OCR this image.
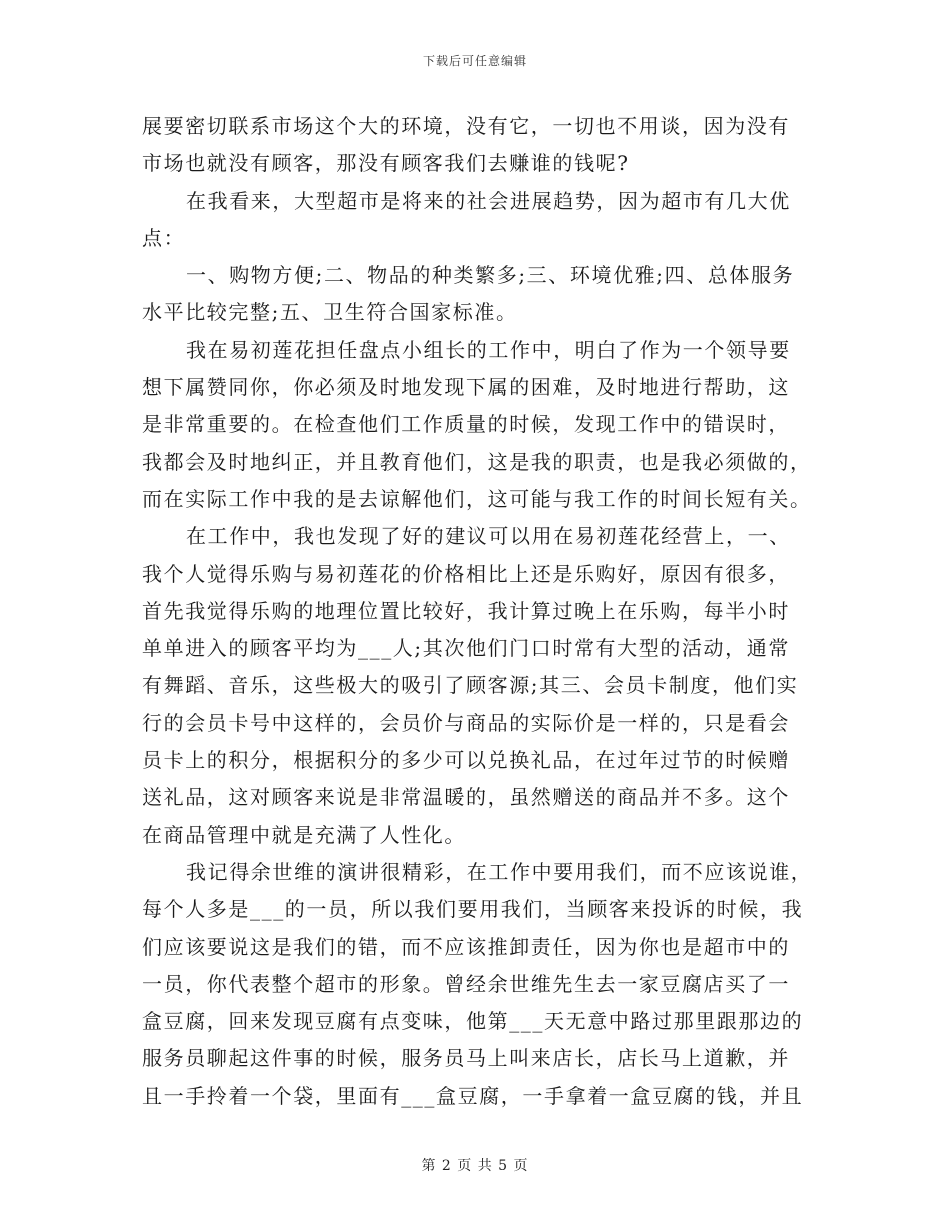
下载后可任意编辑
展要密切联系市场这个大的环境，没有它，一切也不用谈，因为没有
市场也就没有顾客，那没有顾客我们去赚谁的钱呢?
在我看来，大型超市是将来的社会进展趋势，因为超市有几大优
点：
一、购物方便;二、物品的种类繁多;三、环境优雅;四、总体服务
水平比较完整;五、卫生符合国家标准。
我在易初莲花担任盘点小组长的工作中，明白了作为一个领导要
想下属赞同你，你必须及时地发现下属的困难，及时地进行帮助，这
是非常重要的。在检查他们工作质量的时候，发现工作中的错误时，
我都会及时地纠正，并且教育他们，这是我的职责，也是我必须做的，
而在实际工作中我的是去谅解他们，这可能与我工作的时间长短有关。
在工作中，我也发现了好的建议可以用在易初莲花经营上，一、
我个人觉得乐购与易初莲花的价格相比上还是乐购好，原因有很多，
首先我觉得乐购的地理位置比较好，我计算过晚上在乐购，每半小时
单单进入的顾客平均为___人;其次他们门口时常有大型的活动，通常
有舞蹈、音乐，这些极大的吸引了顾客源;其三、会员卡制度，他们实
行的会员卡号中这样的，会员价与商品的实际价是一样的，只是看会
员卡上的积分，根据积分的多少可以兑换礼品，在过年过节的时候赠
送礼品，这对顾客来说是非常温暖的，虽然赠送的商品并不多。这个
在商品管理中就是充满了人性化。
我记得余世维的演讲很精彩，在工作中要用我们，而不应该说谁，
每个人多是___的一员，所以我们要用我们，当顾客来投诉的时候，我
们应该要说这是我们的错，而不应该推卸责任，因为你也是超市中的
一员，你代表整个超市的形象。曾经余世维先生去一家豆腐店买了一
盒豆腐，回来发现豆腐有点变味，他第___天无意中路过那里跟那边的
服务员聊起这件事的时候，服务员马上叫来店长，店长马上道歉，并
且一手拎着一个袋，里面有___盒豆腐，一手拿着一盒豆腐的钱，并且
第 2 页 共 5 页
